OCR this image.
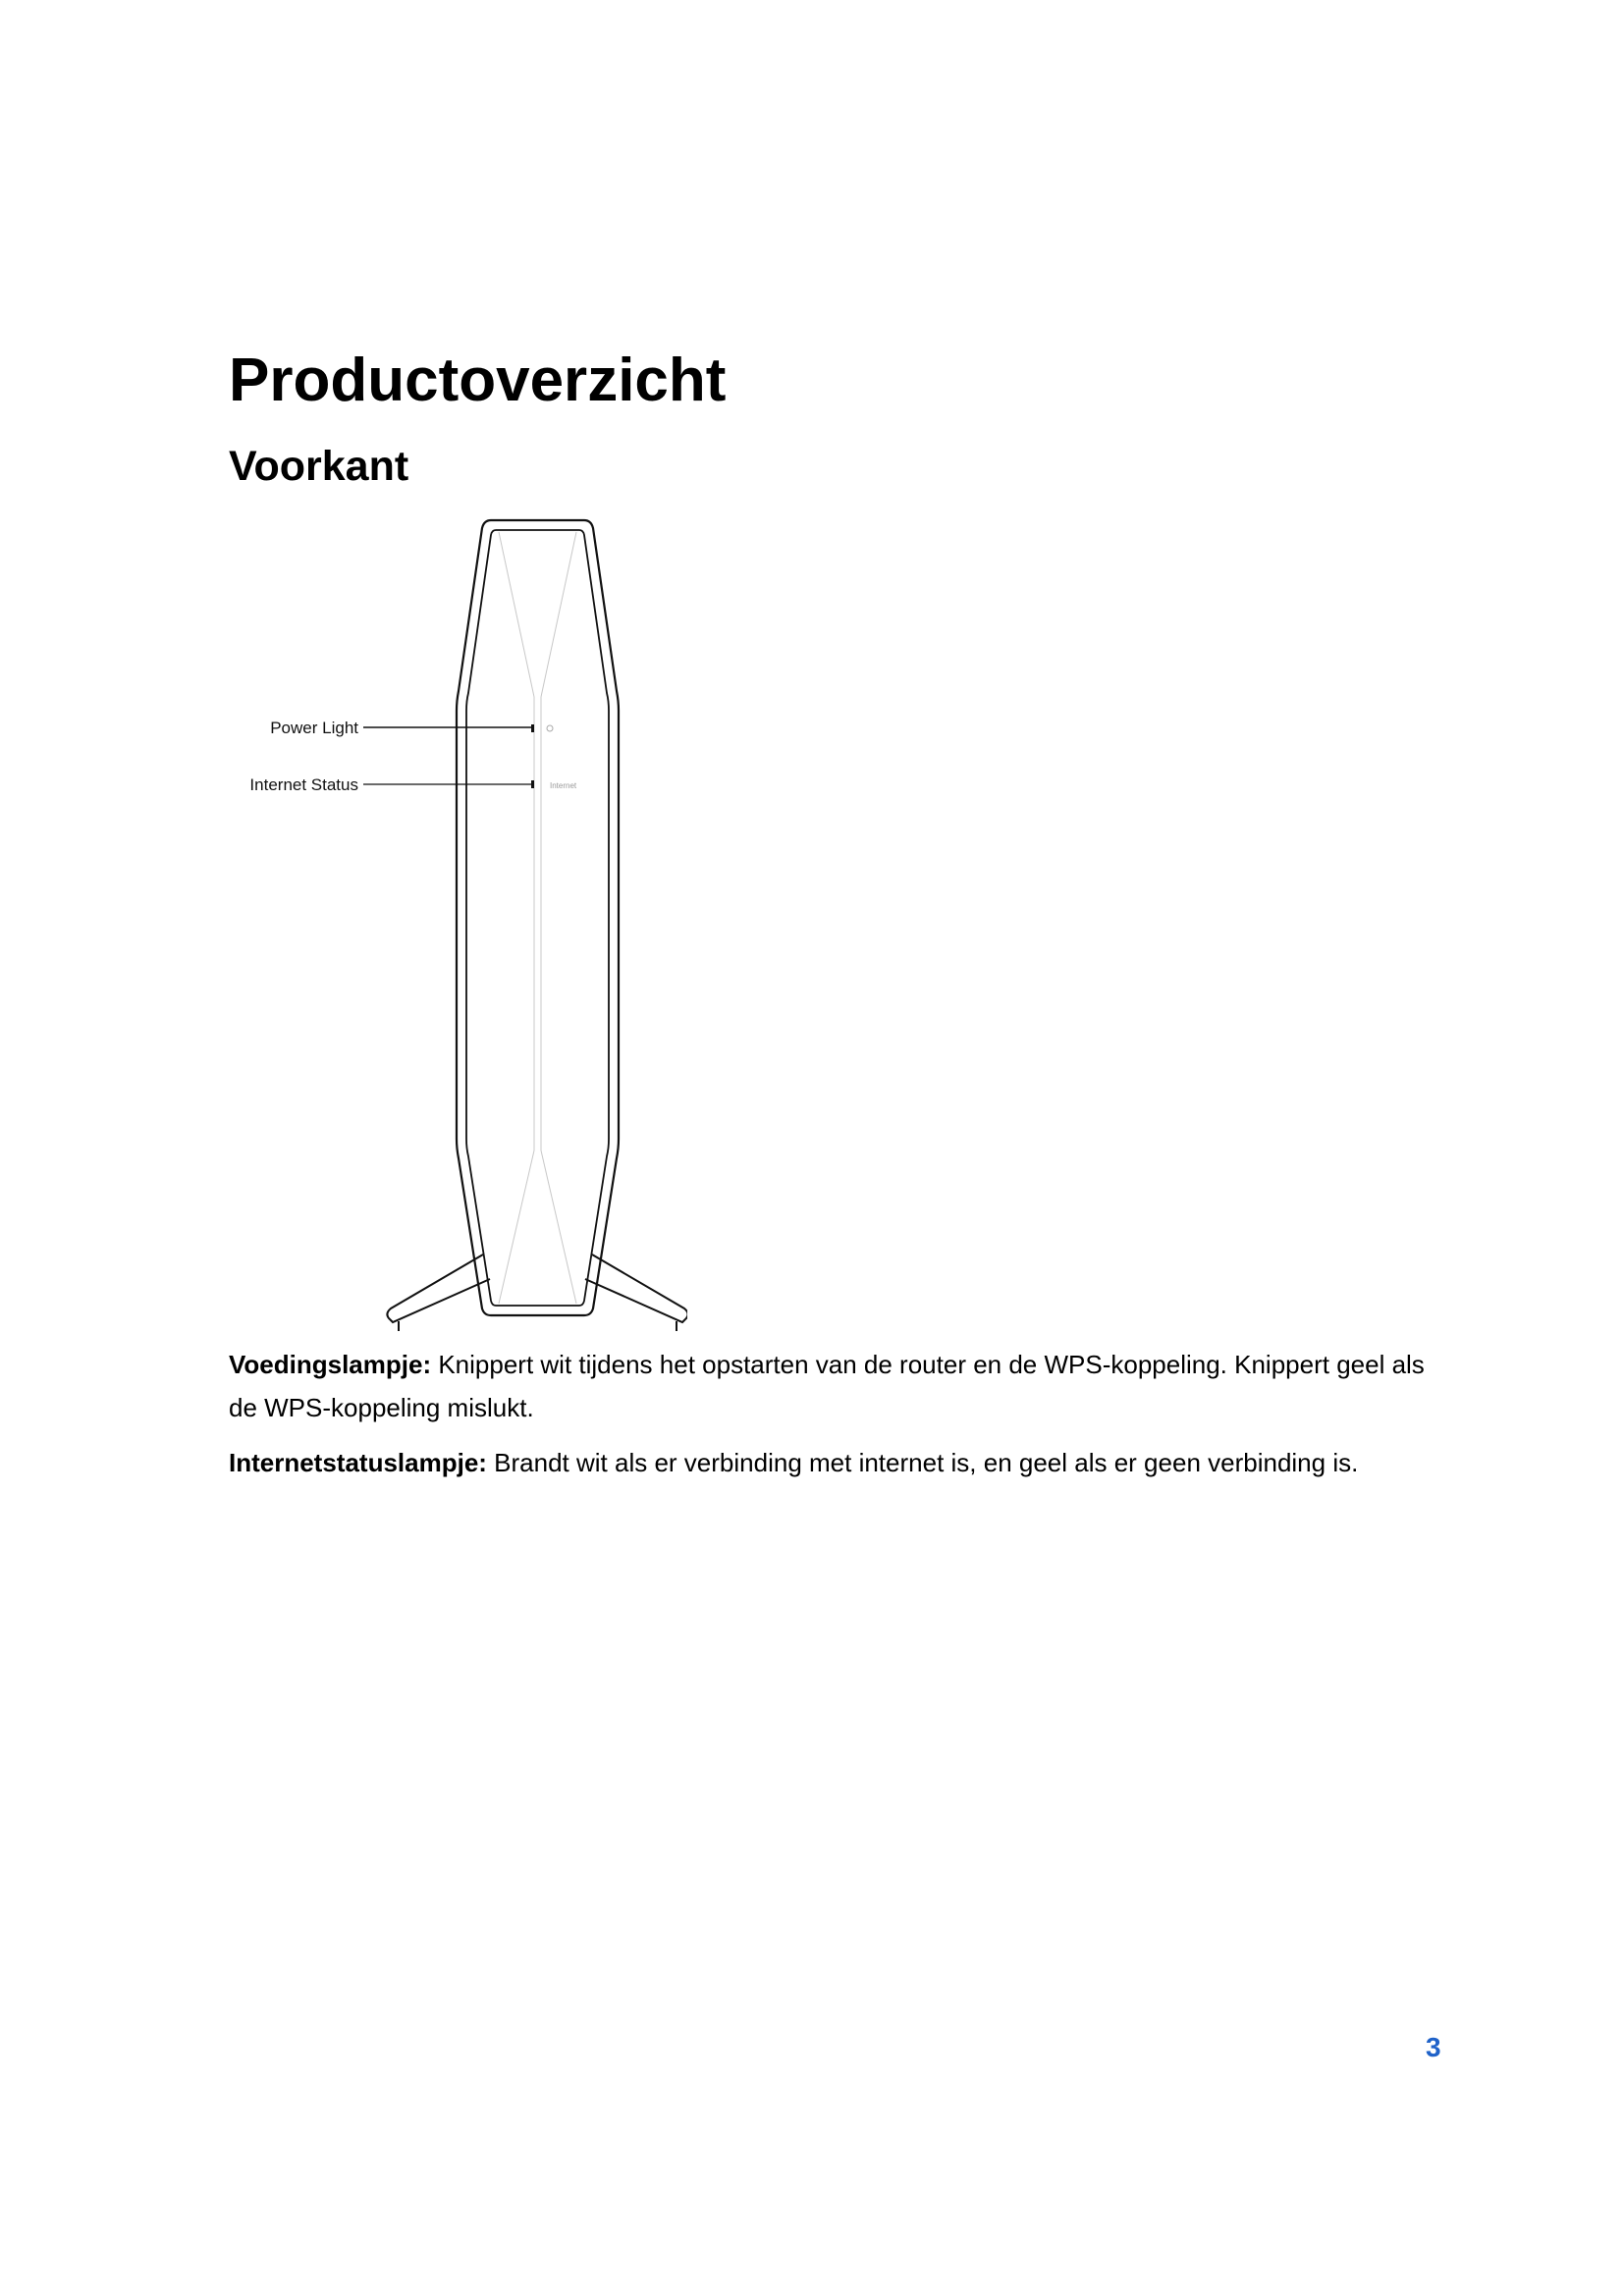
Productoverzicht
Voorkant
Internet
Power Light
Internet Status

Voedingslampje: Knippert wit tijdens het opstarten van de router en de WPS-koppeling. Knippert geel als de WPS-koppeling mislukt.

Internetstatuslampje: Brandt wit als er verbinding met internet is, en geel als er geen verbinding is.

3
